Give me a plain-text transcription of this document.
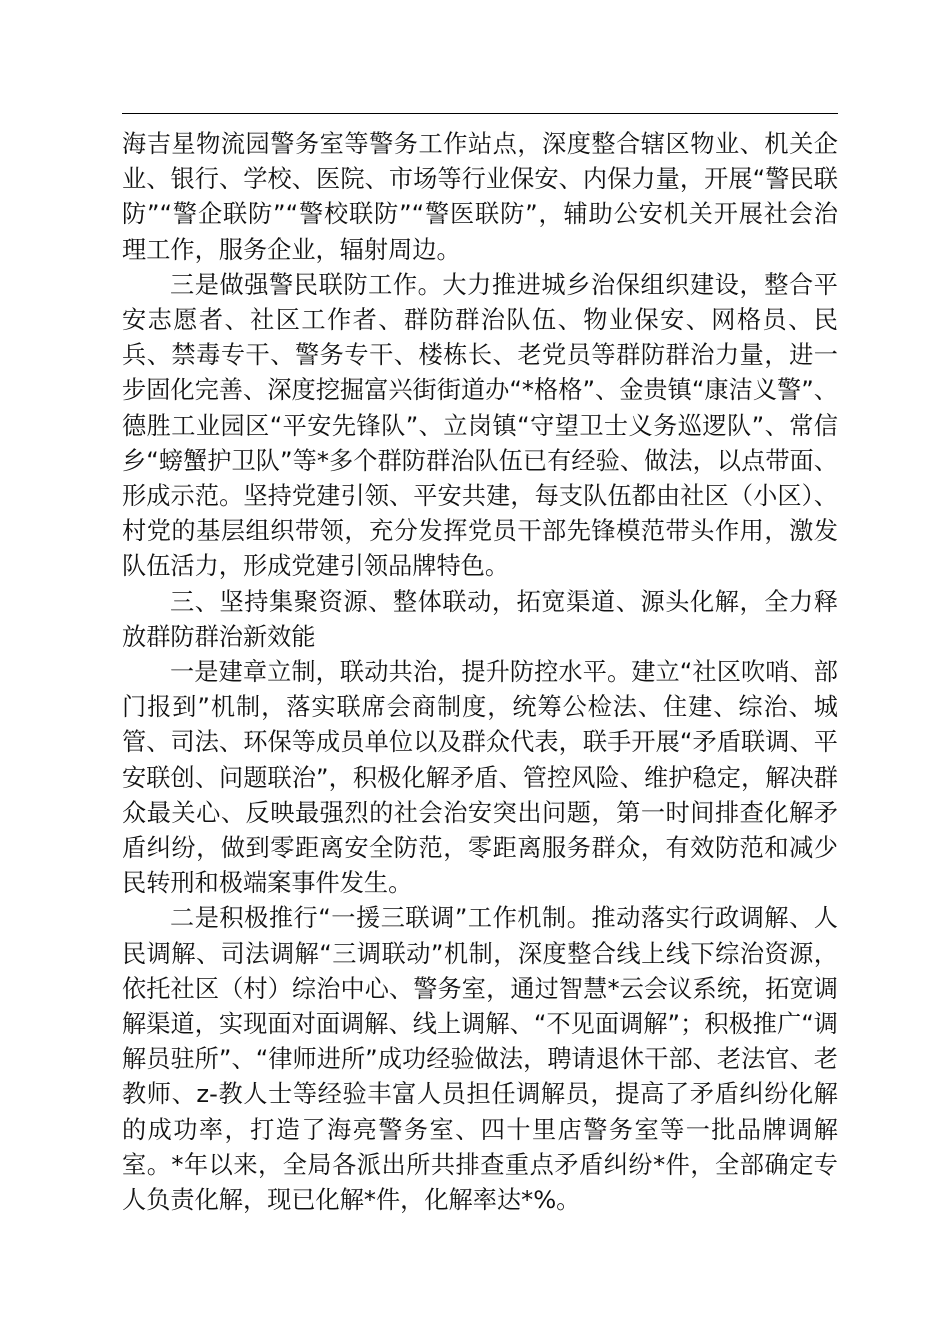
海吉星物流园警务室等警务工作站点，深度整合辖区物业、机关企业、银行、学校、医院、市场等行业保安、内保力量，开展“警民联防”“警企联防”“警校联防”“警医联防”，辅助公安机关开展社会治理工作，服务企业，辐射周边。

三是做强警民联防工作。大力推进城乡治保组织建设，整合平安志愿者、社区工作者、群防群治队伍、物业保安、网格员、民兵、禁毒专干、警务专干、楼栋长、老党员等群防群治力量，进一步固化完善、深度挖掘富兴街街道办“*格格”、金贵镇“康洁义警”、德胜工业园区“平安先锋队”、立岗镇“守望卫士义务巡逻队”、常信乡“螃蟹护卫队”等*多个群防群治队伍已有经验、做法，以点带面、形成示范。坚持党建引领、平安共建，每支队伍都由社区（小区）、村党的基层组织带领，充分发挥党员干部先锋模范带头作用，激发队伍活力，形成党建引领品牌特色。

三、坚持集聚资源、整体联动，拓宽渠道、源头化解，全力释放群防群治新效能

一是建章立制，联动共治，提升防控水平。建立“社区吹哨、部门报到”机制，落实联席会商制度，统筹公检法、住建、综治、城管、司法、环保等成员单位以及群众代表，联手开展“矛盾联调、平安联创、问题联治”，积极化解矛盾、管控风险、维护稳定，解决群众最关心、反映最强烈的社会治安突出问题，第一时间排查化解矛盾纠纷，做到零距离安全防范，零距离服务群众，有效防范和减少民转刑和极端案事件发生。

二是积极推行“一援三联调”工作机制。推动落实行政调解、人民调解、司法调解“三调联动”机制，深度整合线上线下综治资源，依托社区（村）综治中心、警务室，通过智慧*云会议系统，拓宽调解渠道，实现面对面调解、线上调解、“不见面调解”；积极推广“调解员驻所”、“律师进所”成功经验做法，聘请退休干部、老法官、老教师、z-教人士等经验丰富人员担任调解员，提高了矛盾纠纷化解的成功率，打造了海亮警务室、四十里店警务室等一批品牌调解室。*年以来，全局各派出所共排查重点矛盾纠纷*件，全部确定专人负责化解，现已化解*件，化解率达*%。
